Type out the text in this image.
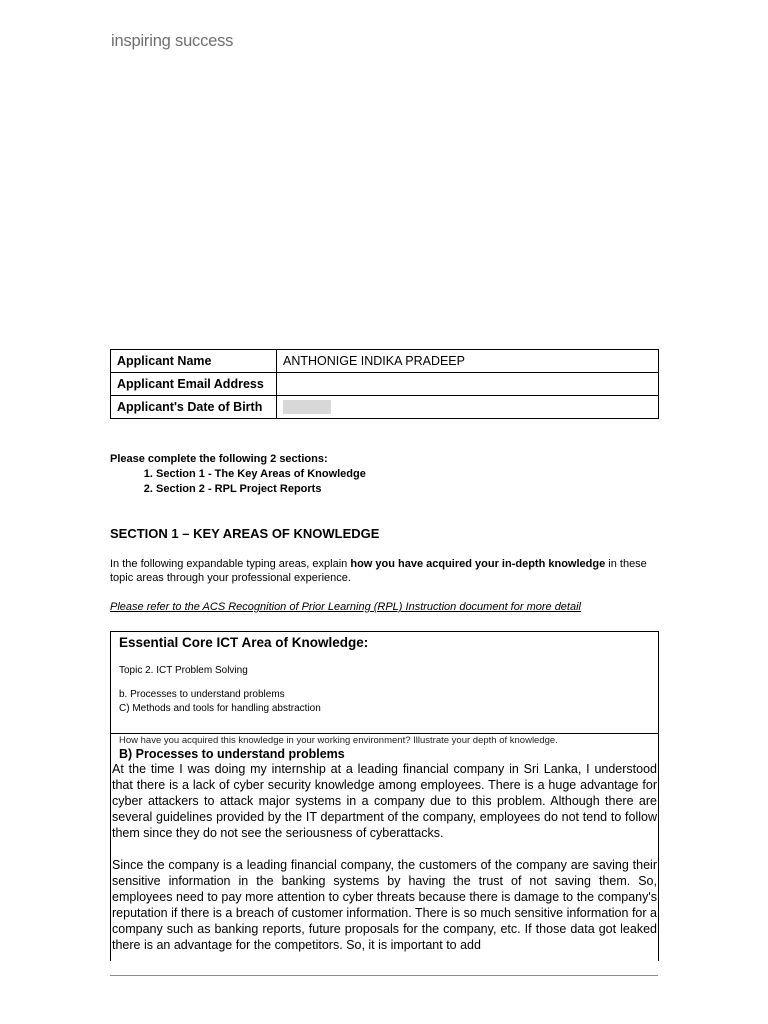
inspiring success
Applicant Name	ANTHONIGE INDIKA PRADEEP
Applicant Email Address	
Applicant's Date of Birth	
Please complete the following 2 sections:
1. Section 1 - The Key Areas of Knowledge
2. Section 2 - RPL Project Reports
SECTION 1 – KEY AREAS OF KNOWLEDGE
In the following expandable typing areas, explain how you have acquired your in-depth knowledge in these topic areas through your professional experience.
Please refer to the ACS Recognition of Prior Learning (RPL) Instruction document for more detail
Essential Core ICT Area of Knowledge:
Topic 2. ICT Problem Solving
b. Processes to understand problems
C) Methods and tools for handling abstraction
How have you acquired this knowledge in your working environment? Illustrate your depth of knowledge.
B) Processes to understand problems

At the time I was doing my internship at a leading financial company in Sri Lanka, I understood that there is a lack of cyber security knowledge among employees. There is a huge advantage for cyber attackers to attack major systems in a company due to this problem. Although there are several guidelines provided by the IT department of the company, employees do not tend to follow them since they do not see the seriousness of cyberattacks.

Since the company is a leading financial company, the customers of the company are saving their sensitive information in the banking systems by having the trust of not saving them. So, employees need to pay more attention to cyber threats because there is damage to the company's reputation if there is a breach of customer information. There is so much sensitive information for a company such as banking reports, future proposals for the company, etc. If those data got leaked there is an advantage for the competitors. So, it is important to add
